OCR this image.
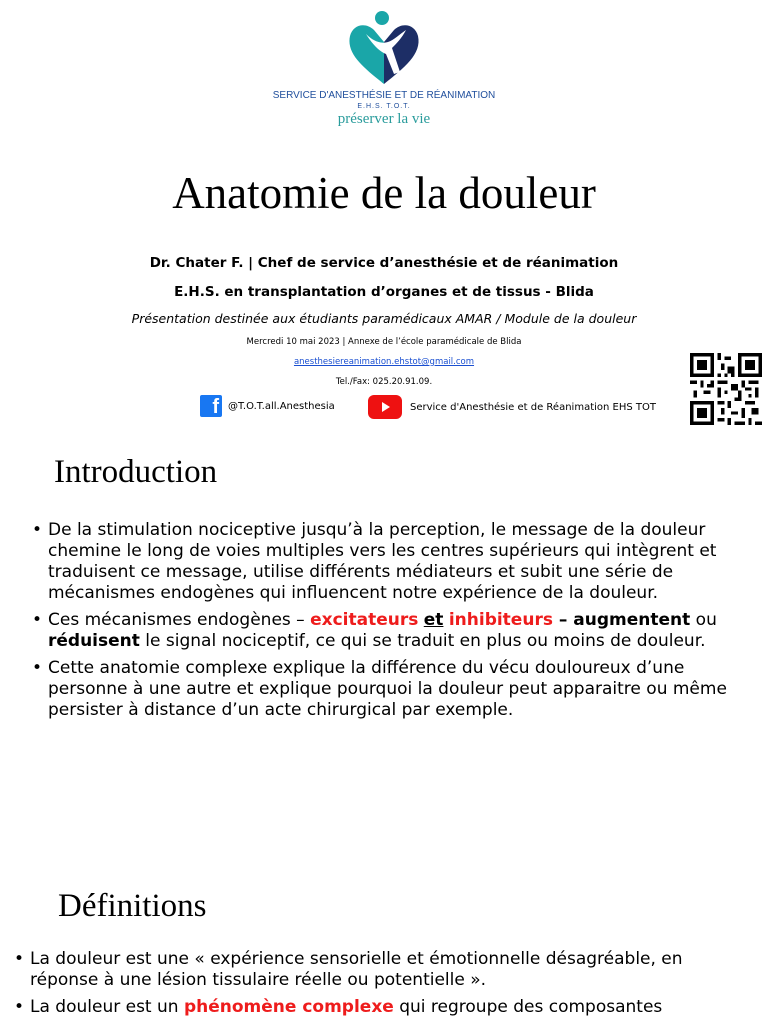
SERVICE D'ANESTHÉSIE ET DE RÉANIMATION
E.H.S. T.O.T.
préserver la vie
Anatomie de la douleur
Dr. Chater F. | Chef de service d’anesthésie et de réanimation
E.H.S. en transplantation d’organes et de tissus - Blida
Présentation destinée aux étudiants paramédicaux AMAR / Module de la douleur
Mercredi 10 mai 2023 | Annexe de l’école paramédicale de Blida
anesthesiereanimation.ehstot@gmail.com
Tel./Fax: 025.20.91.09.
f @T.O.T.all.Anesthesia	Service d'Anesthésie et de Réanimation EHS TOT
Introduction
• De la stimulation nociceptive jusqu’à la perception, le message de la douleur chemine le long de voies multiples vers les centres supérieurs qui intègrent et traduisent ce message, utilise différents médiateurs et subit une série de mécanismes endogènes qui influencent notre expérience de la douleur.
• Ces mécanismes endogènes – excitateurs et inhibiteurs – augmentent ou réduisent le signal nociceptif, ce qui se traduit en plus ou moins de douleur.
• Cette anatomie complexe explique la différence du vécu douloureux d’une personne à une autre et explique pourquoi la douleur peut apparaitre ou même persister à distance d’un acte chirurgical par exemple.
Définitions
• La douleur est une « expérience sensorielle et émotionnelle désagréable, en réponse à une lésion tissulaire réelle ou potentielle ».
• La douleur est un phénomène complexe qui regroupe des composantes
